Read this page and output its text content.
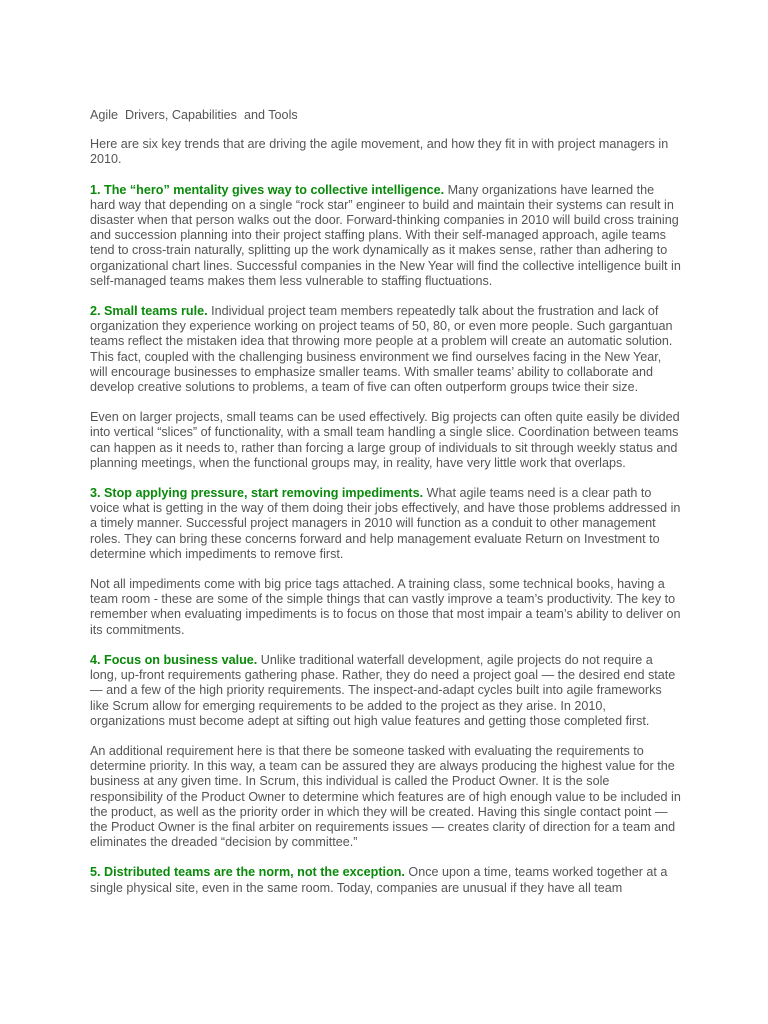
Agile  Drivers, Capabilities  and Tools

Here are six key trends that are driving the agile movement, and how they fit in with project managers in 2010.

1. The “hero” mentality gives way to collective intelligence. Many organizations have learned the hard way that depending on a single “rock star” engineer to build and maintain their systems can result in disaster when that person walks out the door. Forward-thinking companies in 2010 will build cross training and succession planning into their project staffing plans. With their self-managed approach, agile teams tend to cross-train naturally, splitting up the work dynamically as it makes sense, rather than adhering to organizational chart lines. Successful companies in the New Year will find the collective intelligence built in self-managed teams makes them less vulnerable to staffing fluctuations.

2. Small teams rule. Individual project team members repeatedly talk about the frustration and lack of organization they experience working on project teams of 50, 80, or even more people. Such gargantuan teams reflect the mistaken idea that throwing more people at a problem will create an automatic solution. This fact, coupled with the challenging business environment we find ourselves facing in the New Year, will encourage businesses to emphasize smaller teams. With smaller teams’ ability to collaborate and develop creative solutions to problems, a team of five can often outperform groups twice their size.

Even on larger projects, small teams can be used effectively. Big projects can often quite easily be divided into vertical “slices” of functionality, with a small team handling a single slice. Coordination between teams can happen as it needs to, rather than forcing a large group of individuals to sit through weekly status and planning meetings, when the functional groups may, in reality, have very little work that overlaps.

3. Stop applying pressure, start removing impediments. What agile teams need is a clear path to voice what is getting in the way of them doing their jobs effectively, and have those problems addressed in a timely manner. Successful project managers in 2010 will function as a conduit to other management roles. They can bring these concerns forward and help management evaluate Return on Investment to determine which impediments to remove first.

Not all impediments come with big price tags attached. A training class, some technical books, having a team room - these are some of the simple things that can vastly improve a team’s productivity. The key to remember when evaluating impediments is to focus on those that most impair a team’s ability to deliver on its commitments.

4. Focus on business value. Unlike traditional waterfall development, agile projects do not require a long, up-front requirements gathering phase. Rather, they do need a project goal — the desired end state — and a few of the high priority requirements. The inspect-and-adapt cycles built into agile frameworks like Scrum allow for emerging requirements to be added to the project as they arise. In 2010, organizations must become adept at sifting out high value features and getting those completed first.

An additional requirement here is that there be someone tasked with evaluating the requirements to determine priority. In this way, a team can be assured they are always producing the highest value for the business at any given time. In Scrum, this individual is called the Product Owner. It is the sole responsibility of the Product Owner to determine which features are of high enough value to be included in the product, as well as the priority order in which they will be created. Having this single contact point — the Product Owner is the final arbiter on requirements issues — creates clarity of direction for a team and eliminates the dreaded “decision by committee.”

5. Distributed teams are the norm, not the exception. Once upon a time, teams worked together at a single physical site, even in the same room. Today, companies are unusual if they have all team
